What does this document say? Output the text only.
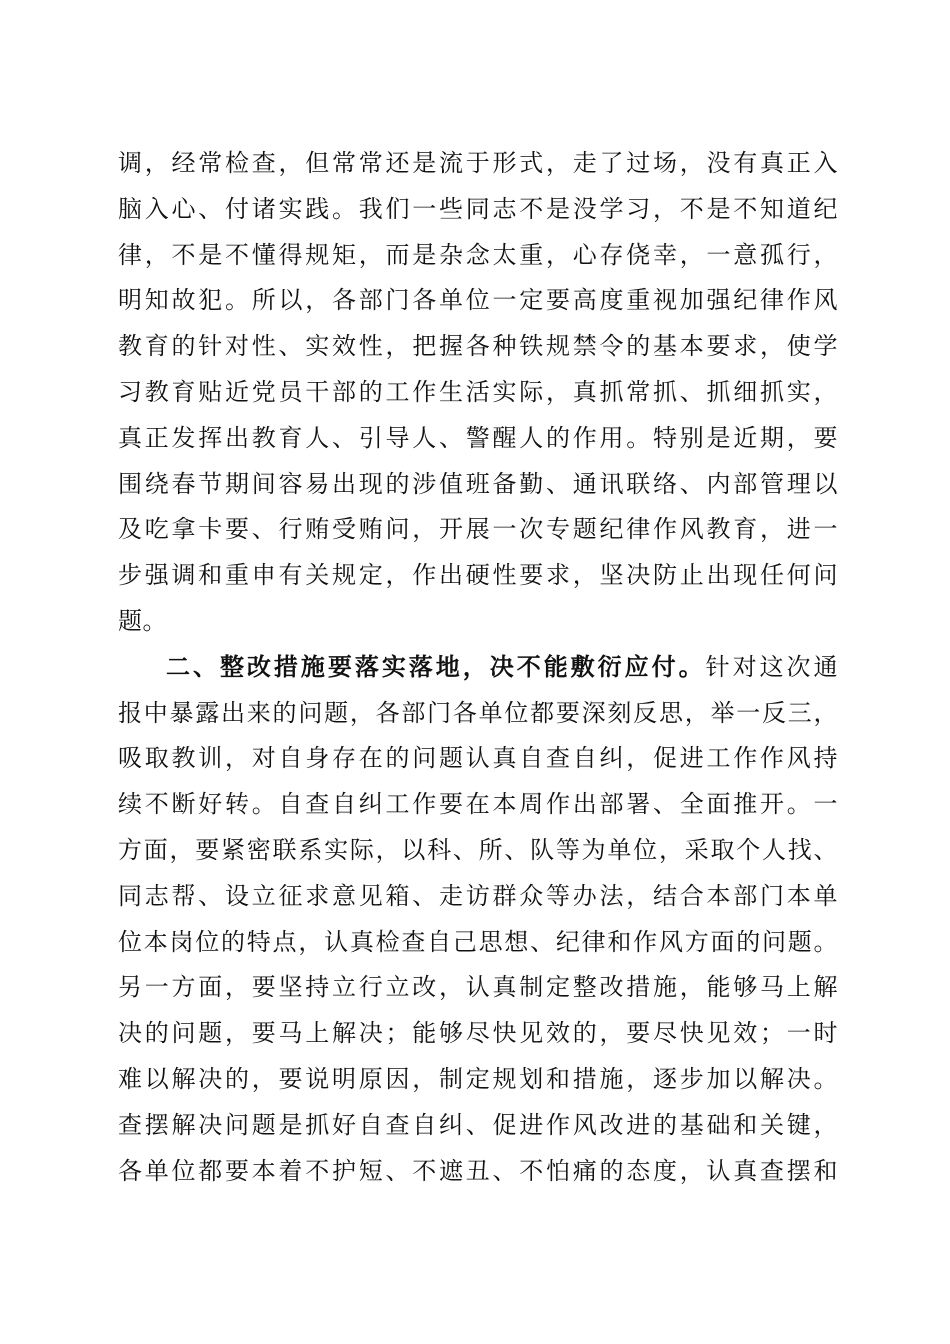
调，经常检查，但常常还是流于形式，走了过场，没有真正入
脑入心、付诸实践。我们一些同志不是没学习，不是不知道纪
律，不是不懂得规矩，而是杂念太重，心存侥幸，一意孤行，
明知故犯。所以，各部门各单位一定要高度重视加强纪律作风
教育的针对性、实效性，把握各种铁规禁令的基本要求，使学
习教育贴近党员干部的工作生活实际，真抓常抓、抓细抓实，
真正发挥出教育人、引导人、警醒人的作用。特别是近期，要
围绕春节期间容易出现的涉值班备勤、通讯联络、内部管理以
及吃拿卡要、行贿受贿问，开展一次专题纪律作风教育，进一
步强调和重申有关规定，作出硬性要求，坚决防止出现任何问
题。
二、整改措施要落实落地，决不能敷衍应付。针对这次通
报中暴露出来的问题，各部门各单位都要深刻反思，举一反三，
吸取教训，对自身存在的问题认真自查自纠，促进工作作风持
续不断好转。自查自纠工作要在本周作出部署、全面推开。一
方面，要紧密联系实际，以科、所、队等为单位，采取个人找、
同志帮、设立征求意见箱、走访群众等办法，结合本部门本单
位本岗位的特点，认真检查自己思想、纪律和作风方面的问题。
另一方面，要坚持立行立改，认真制定整改措施，能够马上解
决的问题，要马上解决；能够尽快见效的，要尽快见效；一时
难以解决的，要说明原因，制定规划和措施，逐步加以解决。
查摆解决问题是抓好自查自纠、促进作风改进的基础和关键，
各单位都要本着不护短、不遮丑、不怕痛的态度，认真查摆和
